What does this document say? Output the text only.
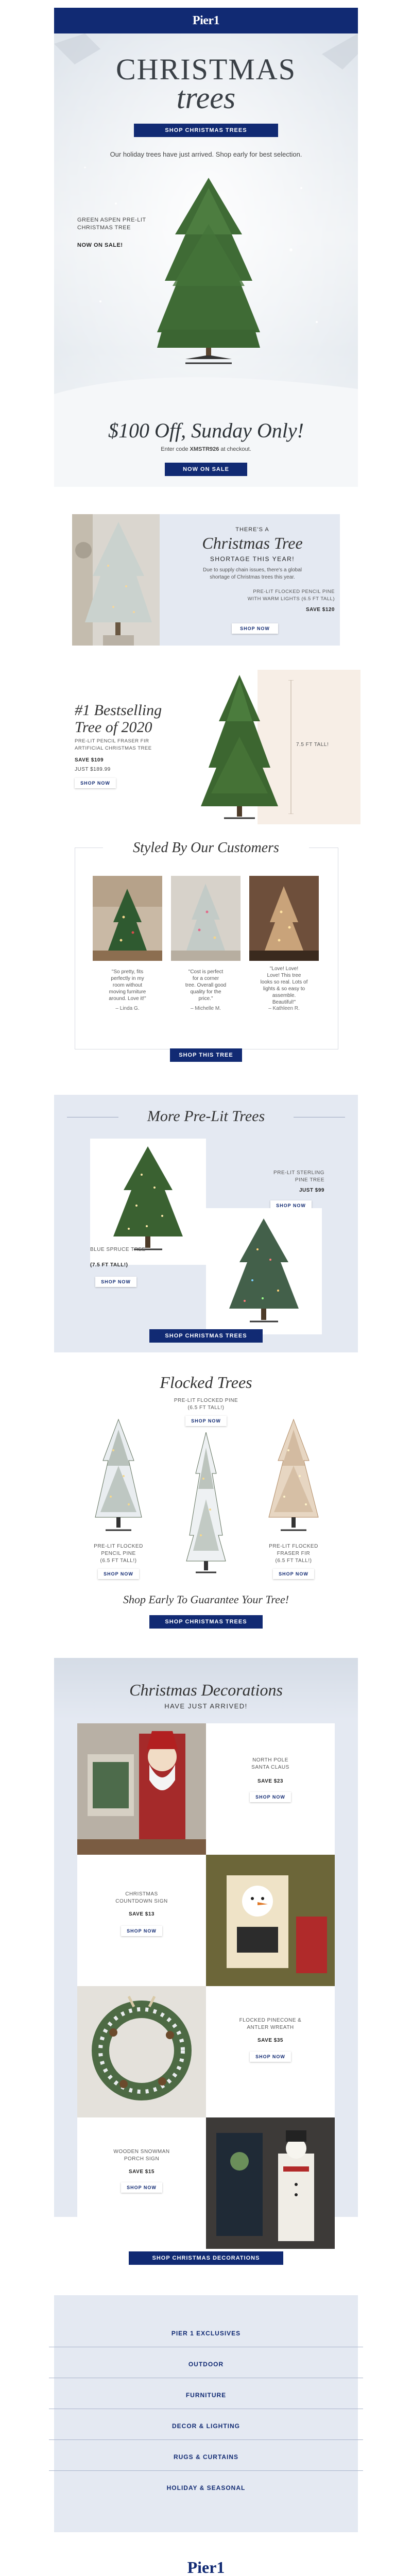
Pier1
CHRISTMAS
trees
SHOP CHRISTMAS TREES
Our holiday trees have just arrived. Shop early for best selection.
GREEN ASPEN PRE-LIT
CHRISTMAS TREE
NOW ON SALE!
$100 Off, Sunday Only!
Enter code XMSTR926 at checkout.
NOW ON SALE
THERE'S A
Christmas Tree
SHORTAGE THIS YEAR!
Due to supply chain issues, there's a global
shortage of Christmas trees this year.
PRE-LIT FLOCKED PENCIL PINE
WITH WARM LIGHTS (6.5 FT TALL)
SAVE $120
SHOP NOW
#1 Bestselling
Tree of 2020
PRE-LIT PENCIL FRASER FIR
ARTIFICIAL CHRISTMAS TREE
SAVE $109
JUST $189.99
SHOP NOW
7.5 FT TALL!
Styled By Our Customers
"So pretty, fits
perfectly in my
room without
moving furniture
around. Love it!"
– Linda G.
"Cost is perfect
for a corner
tree. Overall good
quality for the
price."
– Michelle M.
"Love! Love!
Love! This tree
looks so real. Lots of
lights & so easy to
assemble.
Beautiful!"
– Kathleen R.
SHOP THIS TREE
More Pre-Lit Trees
PRE-LIT STERLING
PINE TREE
JUST $99
SHOP NOW
BLUE SPRUCE TREE
(7.5 FT TALL!)
SHOP NOW
SHOP CHRISTMAS TREES
Flocked Trees
PRE-LIT FLOCKED PINE
(6.5 FT TALL!)
SHOP NOW
PRE-LIT FLOCKED
PENCIL PINE
(6.5 FT TALL!)
SHOP NOW
PRE-LIT FLOCKED
FRASER FIR
(6.5 FT TALL!)
SHOP NOW
Shop Early To Guarantee Your Tree!
SHOP CHRISTMAS TREES
Christmas Decorations
HAVE JUST ARRIVED!
NORTH POLE
SANTA CLAUS
SAVE $23
SHOP NOW
CHRISTMAS
COUNTDOWN SIGN
SAVE $13
SHOP NOW
FLOCKED PINECONE &
ANTLER WREATH
SAVE $35
SHOP NOW
WOODEN SNOWMAN
PORCH SIGN
SAVE $15
SHOP NOW
SHOP CHRISTMAS DECORATIONS
PIER 1 EXCLUSIVES
OUTDOOR
FURNITURE
DECOR & LIGHTING
RUGS & CURTAINS
HOLIDAY & SEASONAL
Pier1
